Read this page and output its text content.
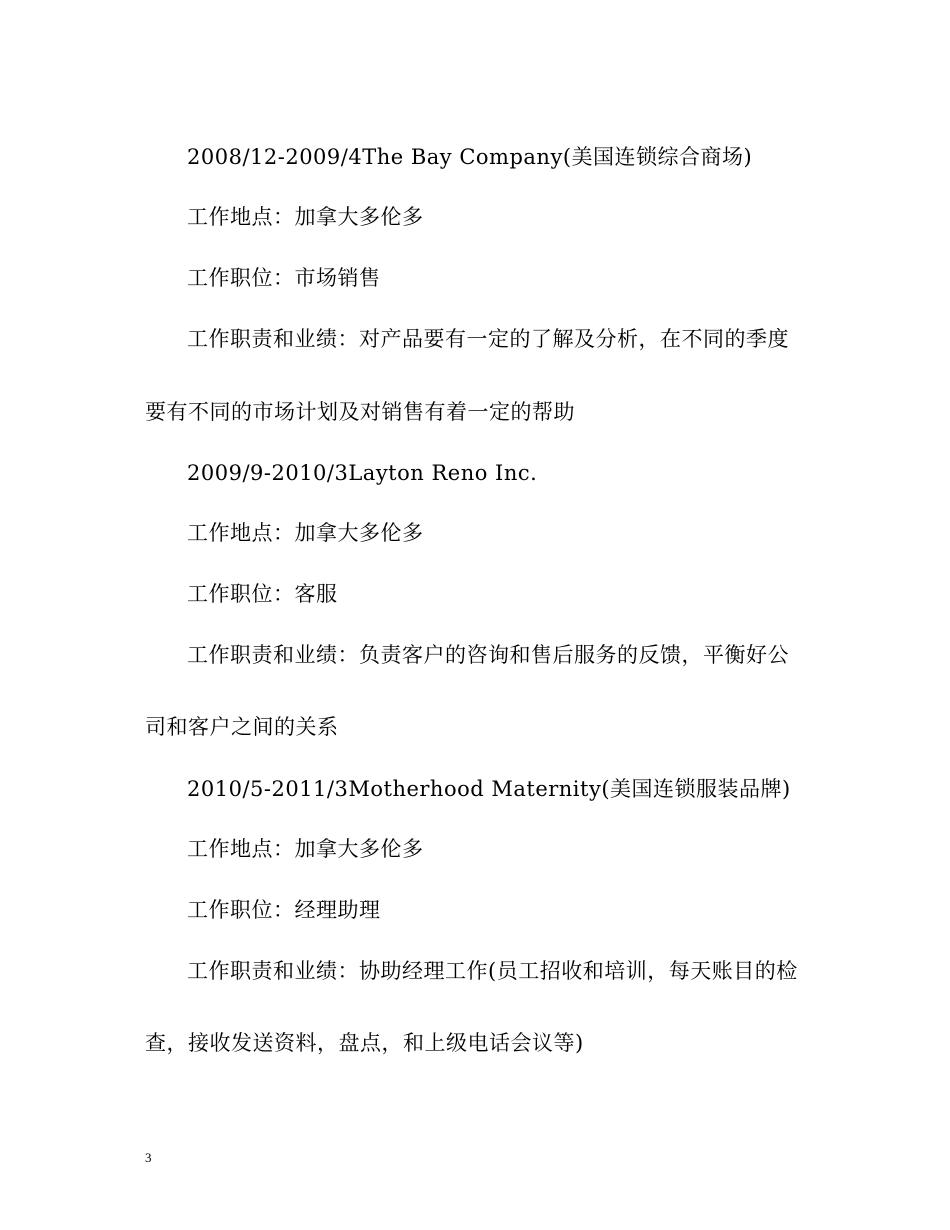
2008/12-2009/4The Bay Company(美国连锁综合商场)
工作地点：加拿大多伦多
工作职位：市场销售
工作职责和业绩：对产品要有一定的了解及分析，在不同的季度
要有不同的市场计划及对销售有着一定的帮助
2009/9-2010/3Layton Reno Inc.
工作地点：加拿大多伦多
工作职位：客服
工作职责和业绩：负责客户的咨询和售后服务的反馈，平衡好公
司和客户之间的关系
2010/5-2011/3Motherhood Maternity(美国连锁服装品牌)
工作地点：加拿大多伦多
工作职位：经理助理
工作职责和业绩：协助经理工作(员工招收和培训，每天账目的检
查，接收发送资料，盘点，和上级电话会议等)
3
